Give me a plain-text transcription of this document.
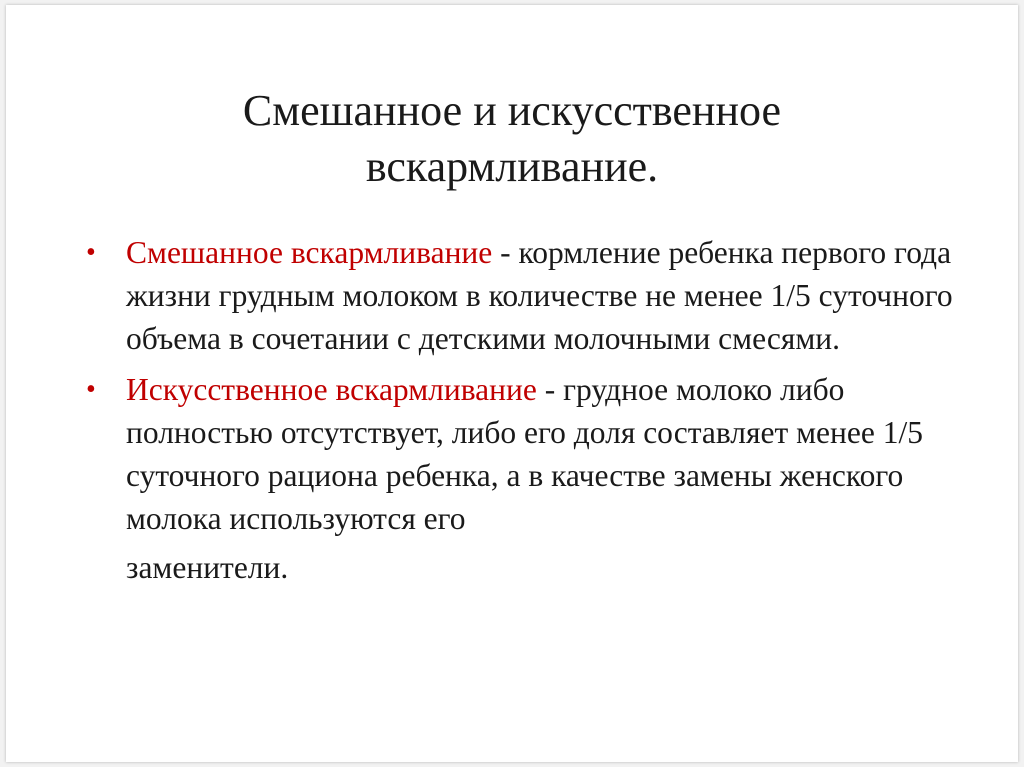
Смешанное и искусственное
вскармливание.
• Смешанное вскармливание - кормление ребенка первого года жизни грудным молоком в количестве не менее 1/5 суточного объема в сочетании с детскими молочными смесями.
• Искусственное вскармливание - грудное молоко либо полностью отсутствует, либо его доля составляет менее 1/5 суточного рациона ребенка, а в качестве замены женского молока используются его
заменители.
